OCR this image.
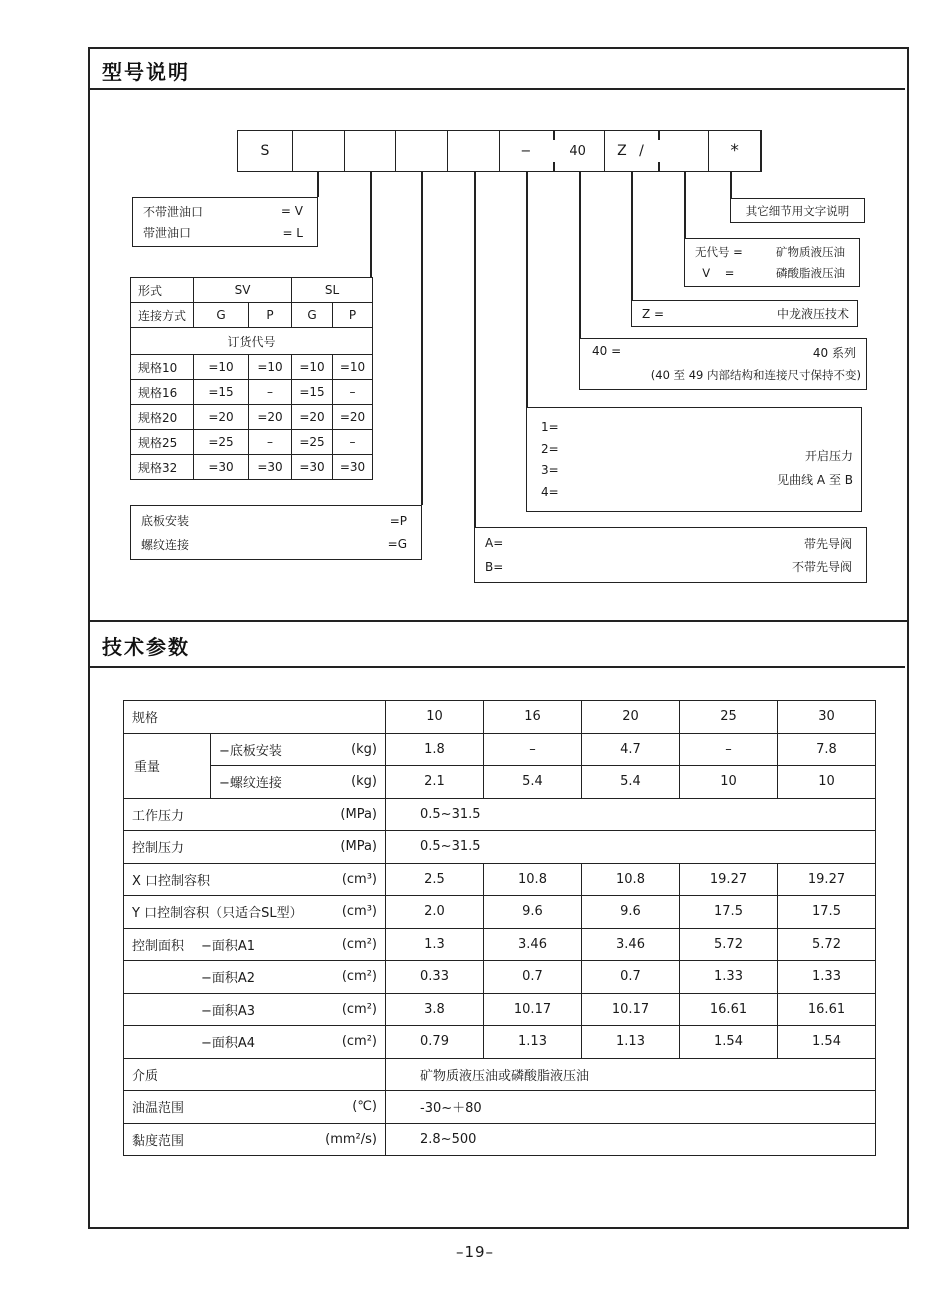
型号说明
S	−	40	Z /	*
不带泄油口	= V
带泄油口	= L
形式	SV		SL	
连接方式	G	P	G	P
订货代号				
规格10	=10	=10	=10	=10
规格16	=15	–	=15	–
规格20	=20	=20	=20	=20
规格25	=25	–	=25	–
规格32	=30	=30	=30	=30
底板安装	=P
螺纹连接	=G	A=	带先导阀
B=	不带先导阀
1=
2=
3=
4=
开启压力
见曲线 A 至 B
40 =	40 系列
(40 至 49 内部结构和连接尺寸保持不变)
Z =	中龙液压技术
无代号 =	矿物质液压油
V    =	磷酸脂液压油
其它细节用文字说明
技术参数
规格		10	16	20	25	30
重量	−底板安装 (kg)	1.8	–	4.7	–	7.8

	−螺纹连接 (kg)	2.1	5.4	5.4	10	10

工作压力 (MPa)		0.5~31.5				

控制压力 (MPa)		0.5~31.5				

X 口控制容积 (cm³)		2.5	10.8	10.8	19.27	19.27

Y 口控制容积（只适合SL型） (cm³)		2.0	9.6	9.6	17.5	17.5

控制面积 −面积A1 (cm²)		1.3	3.46	3.46	5.72	5.72

−面积A2 (cm²)		0.33	0.7	0.7	1.33	1.33

−面积A3 (cm²)		3.8	10.17	10.17	16.61	16.61

−面积A4 (cm²)		0.79	1.13	1.13	1.54	1.54

介质		矿物质液压油或磷酸脂液压油				

油温范围 (℃)		-30~＋80				

黏度范围 (mm²/s)		2.8~500				
–19–
